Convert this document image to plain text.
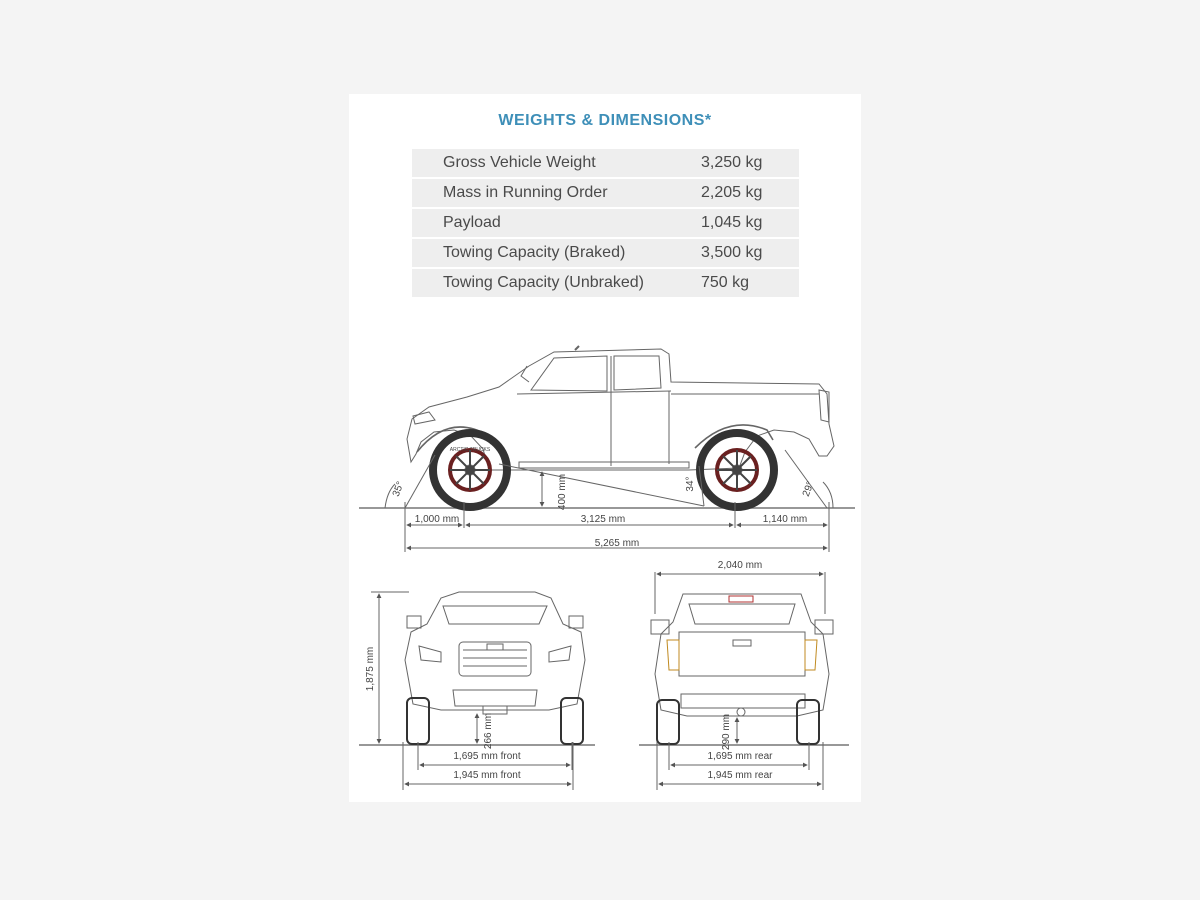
WEIGHTS & DIMENSIONS*
Gross Vehicle Weight	3,250 kg
Mass in Running Order	2,205 kg
Payload	1,045 kg
Towing Capacity (Braked)	3,500 kg
Towing Capacity (Unbraked)	750 kg
35°	400 mm	34°	29°
1,000 mm	3,125 mm	1,140 mm
5,265 mm
ARCTIC TRUCKS
1,875 mm
266 mm
1,695 mm front
1,945 mm front
2,040 mm
290 mm
1,695 mm rear
1,945 mm rear
